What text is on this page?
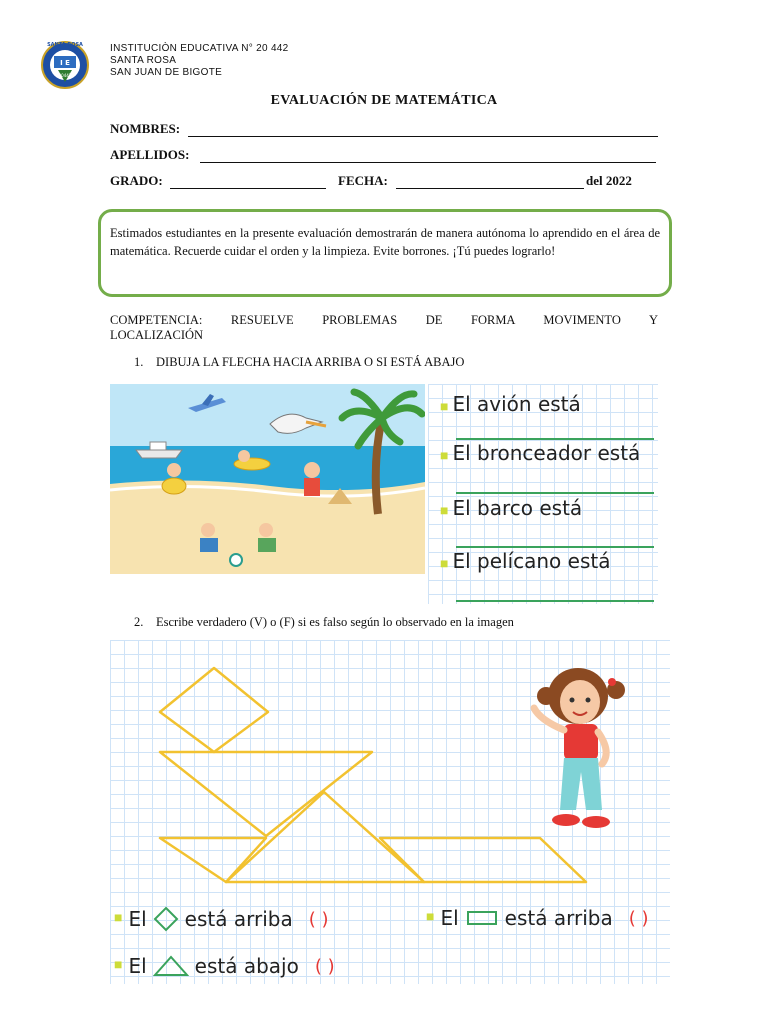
SANTA ROSA
I E
20442
INSTITUCIÒN EDUCATIVA N° 20 442
SANTA ROSA
SAN JUAN DE BIGOTE
EVALUACIÓN DE MATEMÁTICA
NOMBRES:
APELLIDOS:
GRADO:	FECHA:	del 2022
Estimados estudiantes en la presente evaluación demostrarán de manera autónoma lo aprendido en el área de matemática. Recuerde cuidar el orden y la limpieza. Evite borrones. ¡Tú puedes lograrlo!
COMPETENCIA: RESUELVE PROBLEMAS DE FORMA MOVIMENTO Y
LOCALIZACIÓN
1. DIBUJA LA FLECHA HACIA ARRIBA O SI ESTÁ ABAJO
■ El avión está
■ El bronceador está
■ El barco está
■ El pelícano está
2. Escribe verdadero (V) o (F) si es falso según lo observado en la imagen
■ El está arriba ( )	■ El está arriba ( )
■ El está abajo ( )
